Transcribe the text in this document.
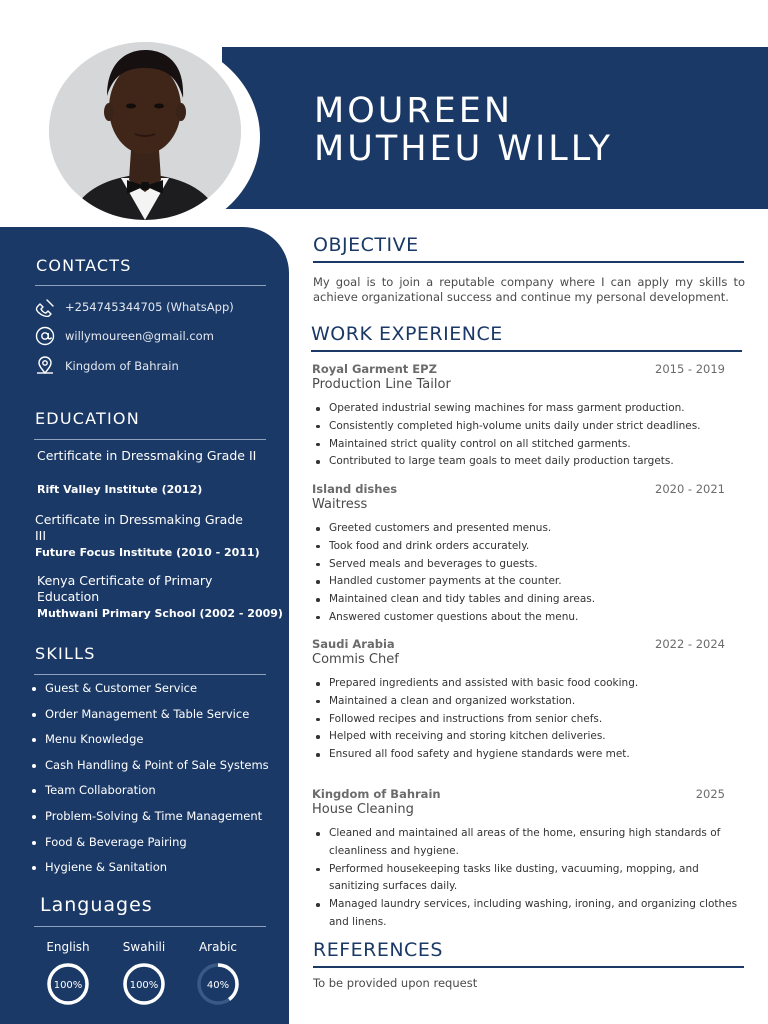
MOUREEN
MUTHEU WILLY
CONTACTS
+254745344705 (WhatsApp)
willymoureen@gmail.com
Kingdom of Bahrain
EDUCATION
Certificate in Dressmaking Grade II
Rift Valley Institute (2012)
Certificate in Dressmaking Grade III
Future Focus Institute (2010 - 2011)
Kenya Certificate of Primary Education
Muthwani Primary School (2002 - 2009)
SKILLS
Guest & Customer Service
Order Management & Table Service
Menu Knowledge
Cash Handling & Point of Sale Systems
Team Collaboration
Problem-Solving & Time Management
Food & Beverage Pairing
Hygiene & Sanitation
Languages
English
100%
Swahili
100%
Arabic
40%
OBJECTIVE
My goal is to join a reputable company where I can apply my skills to achieve organizational success and continue my personal development.
WORK EXPERIENCE
Royal Garment EPZ	2015 - 2019
Production Line Tailor
Operated industrial sewing machines for mass garment production.
Consistently completed high-volume units daily under strict deadlines.
Maintained strict quality control on all stitched garments.
Contributed to large team goals to meet daily production targets.
Island dishes	2020 - 2021
Waitress
Greeted customers and presented menus.
Took food and drink orders accurately.
Served meals and beverages to guests.
Handled customer payments at the counter.
Maintained clean and tidy tables and dining areas.
Answered customer questions about the menu.
Saudi Arabia	2022 - 2024
Commis Chef
Prepared ingredients and assisted with basic food cooking.
Maintained a clean and organized workstation.
Followed recipes and instructions from senior chefs.
Helped with receiving and storing kitchen deliveries.
Ensured all food safety and hygiene standards were met.
Kingdom of Bahrain	2025
House Cleaning
Cleaned and maintained all areas of the home, ensuring high standards of cleanliness and hygiene.
Performed housekeeping tasks like dusting, vacuuming, mopping, and sanitizing surfaces daily.
Managed laundry services, including washing, ironing, and organizing clothes and linens.
REFERENCES
To be provided upon request
